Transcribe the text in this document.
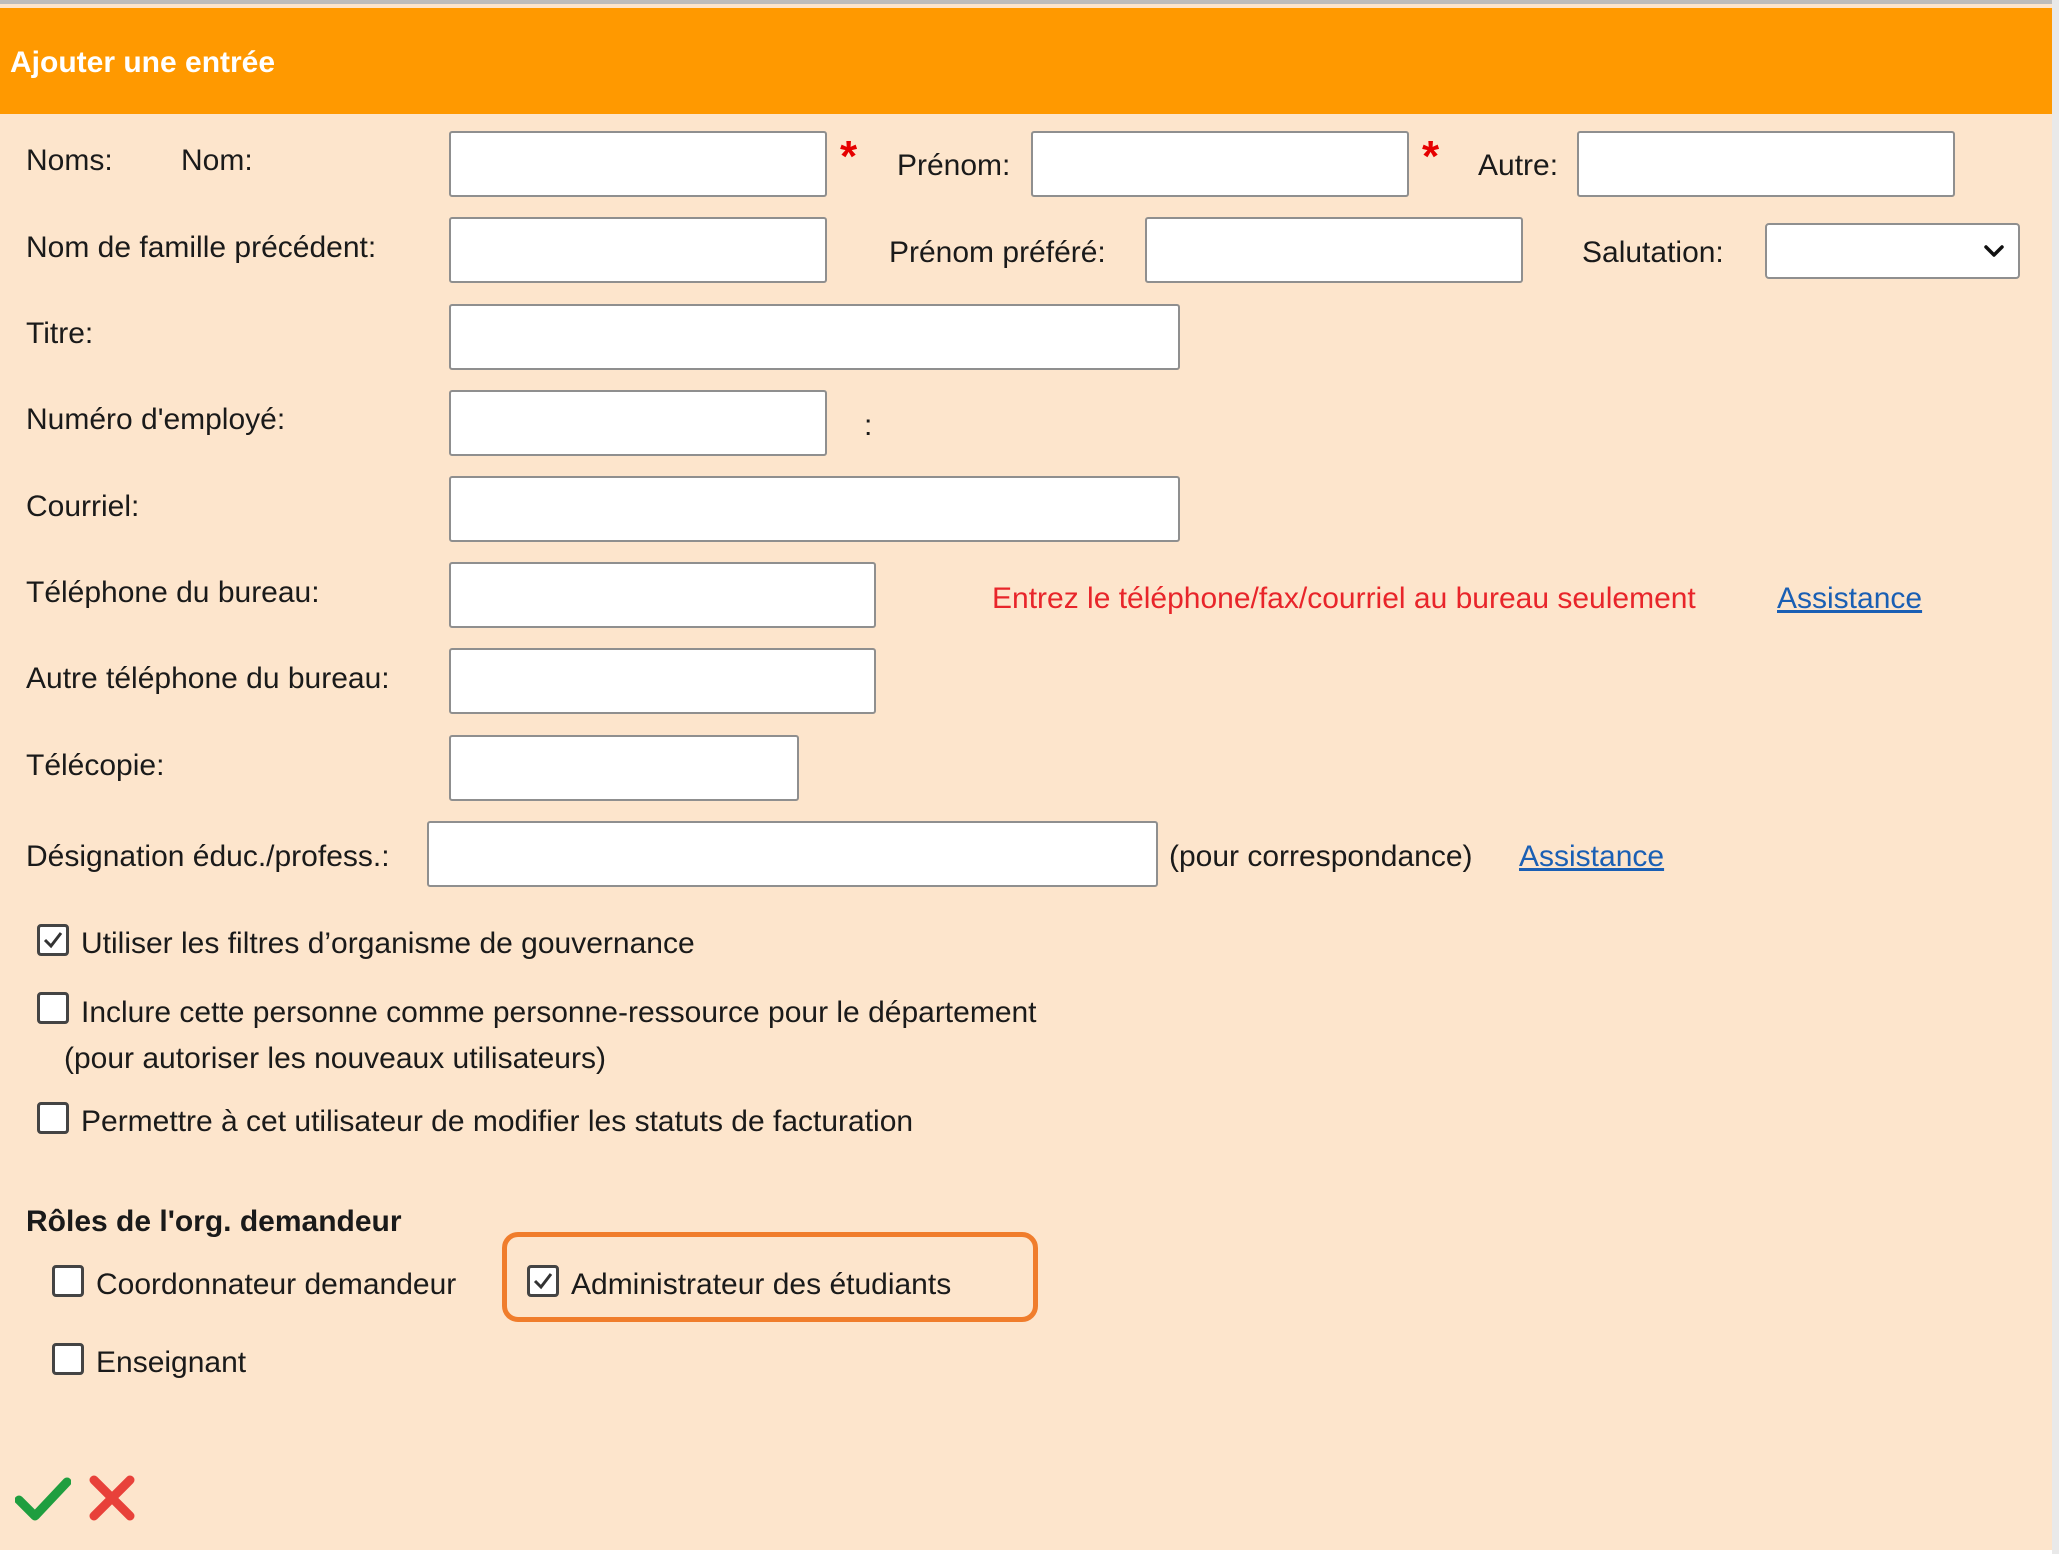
Ajouter une entrée
Noms: Nom:	* Prénom:	* Autre:
Nom de famille précédent:	Prénom préféré:	Salutation:
Titre:
Numéro d'employé:	:
Courriel:
Téléphone du bureau:	Entrez le téléphone/fax/courriel au bureau seulement	Assistance
Autre téléphone du bureau:
Télécopie:
Désignation éduc./profess.:	(pour correspondance) Assistance
Utiliser les filtres d’organisme de gouvernance
Inclure cette personne comme personne-ressource pour le département
(pour autoriser les nouveaux utilisateurs)
Permettre à cet utilisateur de modifier les statuts de facturation
Rôles de l'org. demandeur
Coordonnateur demandeur	Administrateur des étudiants
Enseignant
